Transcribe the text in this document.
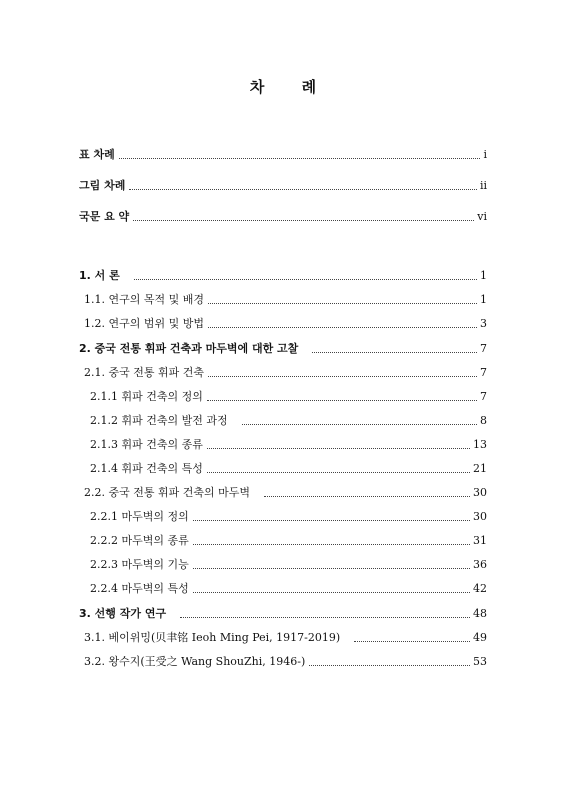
차 례
표 차례	i
그림 차례	ii
국문 요 약	vi
1. 서 론	1
1.1. 연구의 목적 및 배경	1
1.2. 연구의 범위 및 방법	3
2. 중국 전통 휘파 건축과 마두벽에 대한 고찰	7
2.1. 중국 전통 휘파 건축	7
2.1.1 휘파 건축의 정의	7
2.1.2 휘파 건축의 발전 과정	8
2.1.3 휘파 건축의 종류	13
2.1.4 휘파 건축의 특성	21
2.2. 중국 전통 휘파 건축의 마두벽	30
2.2.1 마두벽의 정의	30
2.2.2 마두벽의 종류	31
2.2.3 마두벽의 기능	36
2.2.4 마두벽의 특성	42
3. 선행 작가 연구	48
3.1. 베이위밍(贝聿铭 Ieoh Ming Pei, 1917-2019)	49
3.2. 왕수지(王受之 Wang ShouZhi, 1946-)	53
